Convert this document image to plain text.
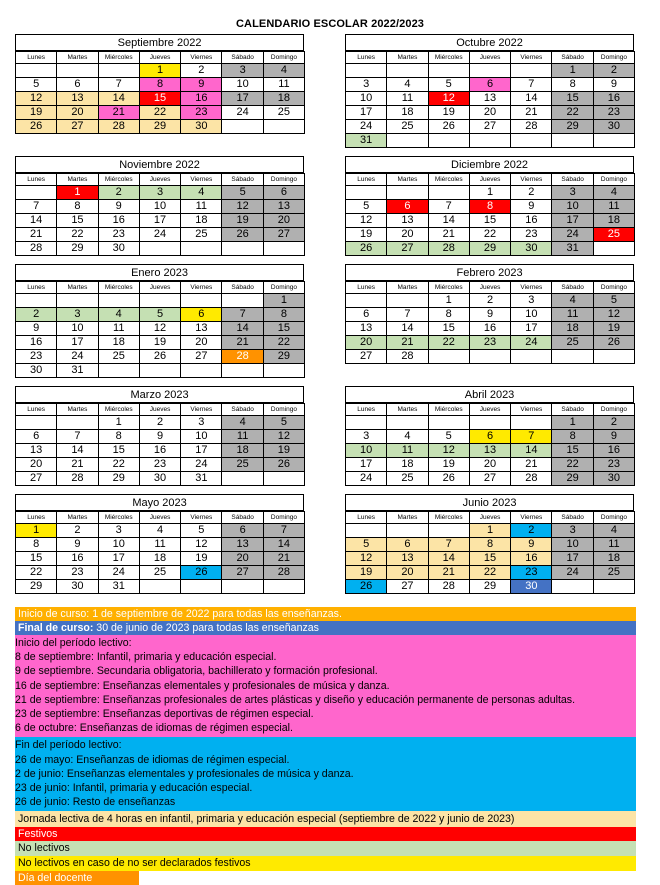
CALENDARIO ESCOLAR 2022/2023
Septiembre 2022
Lunes	Martes	Miércoles	Jueves	Viernes	Sábado	Domingo
			1	2	3	4
5	6	7	8	9	10	11
12	13	14	15	16	17	18
19	20	21	22	23	24	25
26	27	28	29	30		
Octubre 2022
Lunes	Martes	Miércoles	Jueves	Viernes	Sábado	Domingo
					1	2
3	4	5	6	7	8	9
10	11	12	13	14	15	16
17	18	19	20	21	22	23
24	25	26	27	28	29	30
31						
Noviembre 2022
Lunes	Martes	Miércoles	Jueves	Viernes	Sábado	Domingo
	1	2	3	4	5	6
7	8	9	10	11	12	13
14	15	16	17	18	19	20
21	22	23	24	25	26	27
28	29	30				
Diciembre 2022
Lunes	Martes	Miércoles	Jueves	Viernes	Sábado	Domingo
			1	2	3	4
5	6	7	8	9	10	11
12	13	14	15	16	17	18
19	20	21	22	23	24	25
26	27	28	29	30	31	
Enero 2023
Lunes	Martes	Miércoles	Jueves	Viernes	Sábado	Domingo
						1
2	3	4	5	6	7	8
9	10	11	12	13	14	15
16	17	18	19	20	21	22
23	24	25	26	27	28	29
30	31					
Febrero 2023
Lunes	Martes	Miércoles	Jueves	Viernes	Sábado	Domingo
		1	2	3	4	5
6	7	8	9	10	11	12
13	14	15	16	17	18	19
20	21	22	23	24	25	26
27	28					
Marzo 2023
Lunes	Martes	Miércoles	Jueves	Viernes	Sábado	Domingo
		1	2	3	4	5
6	7	8	9	10	11	12
13	14	15	16	17	18	19
20	21	22	23	24	25	26
27	28	29	30	31		
Abril 2023
Lunes	Martes	Miércoles	Jueves	Viernes	Sábado	Domingo
					1	2
3	4	5	6	7	8	9
10	11	12	13	14	15	16
17	18	19	20	21	22	23
24	25	26	27	28	29	30
Mayo 2023
Lunes	Martes	Miércoles	Jueves	Viernes	Sábado	Domingo
1	2	3	4	5	6	7
8	9	10	11	12	13	14
15	16	17	18	19	20	21
22	23	24	25	26	27	28
29	30	31				
Junio 2023
Lunes	Martes	Miércoles	Jueves	Viernes	Sábado	Domingo
			1	2	3	4
5	6	7	8	9	10	11
12	13	14	15	16	17	18
19	20	21	22	23	24	25
26	27	28	29	30		
Inicio de curso: 1 de septiembre de 2022 para todas las enseñanzas.
Final de curso: 30 de junio de 2023 para todas las enseñanzas
Inicio del período lectivo:
8 de septiembre: Infantil, primaria y educación especial.
9 de septiembre. Secundaria obligatoria, bachillerato y formación profesional.
16 de septiembre: Enseñanzas elementales y profesionales de música y danza.
21 de septiembre: Enseñanzas profesionales de artes plásticas y diseño y educación permanente de personas adultas.
23 de septiembre: Enseñanzas deportivas de régimen especial.
6 de octubre: Enseñanzas de idiomas de régimen especial.
Fin del período lectivo:
26 de mayo: Enseñanzas de idiomas de régimen especial.
2 de junio: Enseñanzas elementales y profesionales de música y danza.
23 de junio: Infantil, primaria y educación especial.
26 de junio: Resto de enseñanzas
Jornada lectiva de 4 horas en infantil, primaria y educación especial (septiembre de 2022 y junio de 2023)
Festivos
No lectivos
No lectivos en caso de no ser declarados festivos
Día del docente
